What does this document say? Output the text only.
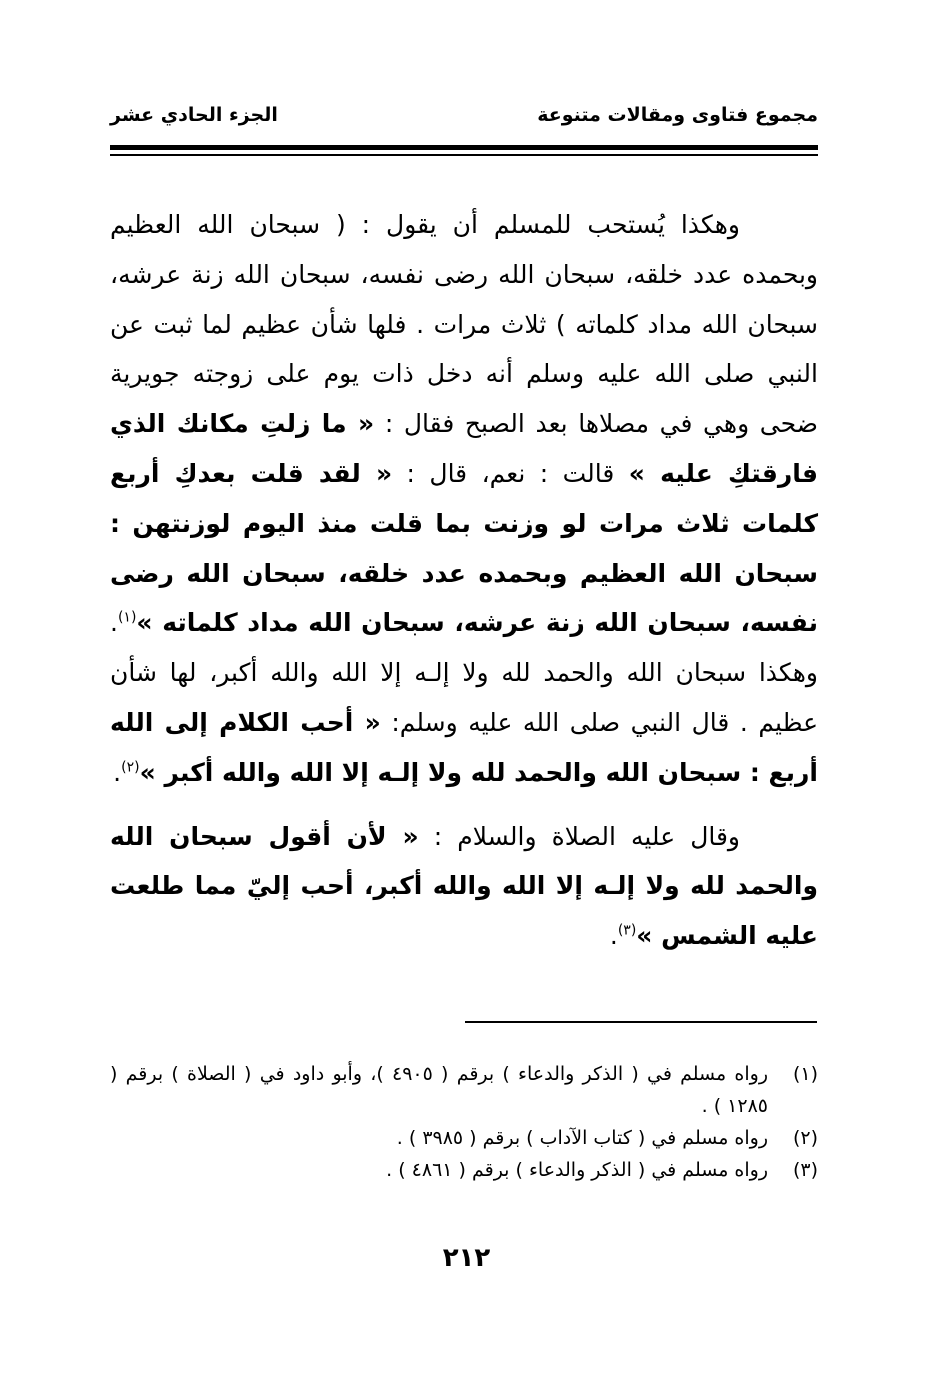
مجموع فتاوى ومقالات متنوعة
الجزء الحادي عشر

وهكذا يُستحب للمسلم أن يقول : ( سبحان الله العظيم وبحمده عدد خلقه، سبحان الله رضى نفسه، سبحان الله زنة عرشه، سبحان الله مداد كلماته ) ثلاث مرات . فلها شأن عظيم لما ثبت عن النبي صلى الله عليه وسلم أنه دخل ذات يوم على زوجته جويرية ضحى وهي في مصلاها بعد الصبح فقال : « ما زلتِ مكانك الذي فارقتكِ عليه » قالت : نعم، قال : « لقد قلت بعدكِ أربع كلمات ثلاث مرات لو وزنت بما قلت منذ اليوم لوزنتهن : سبحان الله العظيم وبحمده عدد خلقه، سبحان الله رضى نفسه، سبحان الله زنة عرشه، سبحان الله مداد كلماته »$^{(١)}$. وهكذا سبحان الله والحمد لله ولا إلـه إلا الله والله أكبر، لها شأن عظيم . قال النبي صلى الله عليه وسلم: « أحب الكلام إلى الله أربع : سبحان الله والحمد لله ولا إلـه إلا الله والله أكبر »$^{(٢)}$.

وقال عليه الصلاة والسلام : « لأن أقول سبحان الله والحمد لله ولا إلـه إلا الله والله أكبر، أحب إليّ مما طلعت عليه الشمس »$^{(٣)}$.

(١)
رواه مسلم في ( الذكر والدعاء ) برقم ( ٤٩٠٥ )، وأبو داود في ( الصلاة ) برقم ( ١٢٨٥ ) .
(٢)
رواه مسلم في ( كتاب الآداب ) برقم ( ٣٩٨٥ ) .
(٣)
رواه مسلم في ( الذكر والدعاء ) برقم ( ٤٨٦١ ) .
٢١٢
